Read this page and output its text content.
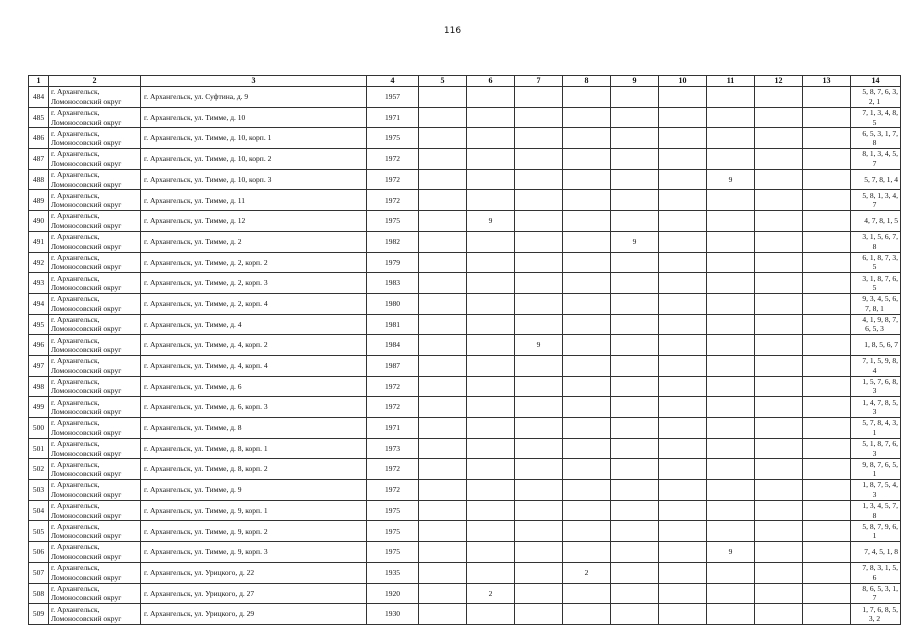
116
1	2	3	4	5	6	7	8	9	10	11	12	13	14
484	г. Архангельск,
Ломоносовский округ	г. Архангельск, ул. Суфтина, д. 9	1957										5, 8, 7, 6, 3,
2, 1

485	г. Архангельск,
Ломоносовский округ	г. Архангельск, ул. Тимме, д. 10	1971										7, 1, 3, 4, 8,
5

486	г. Архангельск,
Ломоносовский округ	г. Архангельск, ул. Тимме, д. 10, корп. 1	1975										6, 5, 3, 1, 7,
8

487	г. Архангельск,
Ломоносовский округ	г. Архангельск, ул. Тимме, д. 10, корп. 2	1972										8, 1, 3, 4, 5,
7

488	г. Архангельск,
Ломоносовский округ	г. Архангельск, ул. Тимме, д. 10, корп. 3	1972							9			5, 7, 8, 1, 4

489	г. Архангельск,
Ломоносовский округ	г. Архангельск, ул. Тимме, д. 11	1972										5, 8, 1, 3, 4,
7

490	г. Архангельск,
Ломоносовский округ	г. Архангельск, ул. Тимме, д. 12	1975		9								4, 7, 8, 1, 5

491	г. Архангельск,
Ломоносовский округ	г. Архангельск, ул. Тимме, д. 2	1982					9					3, 1, 5, 6, 7,
8

492	г. Архангельск,
Ломоносовский округ	г. Архангельск, ул. Тимме, д. 2, корп. 2	1979										6, 1, 8, 7, 3,
5

493	г. Архангельск,
Ломоносовский округ	г. Архангельск, ул. Тимме, д. 2, корп. 3	1983										3, 1, 8, 7, 6,
5

494	г. Архангельск,
Ломоносовский округ	г. Архангельск, ул. Тимме, д. 2, корп. 4	1980										9, 3, 4, 5, 6,
7, 8, 1

495	г. Архангельск,
Ломоносовский округ	г. Архангельск, ул. Тимме, д. 4	1981										4, 1, 9, 8, 7,
6, 5, 3

496	г. Архангельск,
Ломоносовский округ	г. Архангельск, ул. Тимме, д. 4, корп. 2	1984			9							1, 8, 5, 6, 7

497	г. Архангельск,
Ломоносовский округ	г. Архангельск, ул. Тимме, д. 4, корп. 4	1987										7, 1, 5, 9, 8,
4

498	г. Архангельск,
Ломоносовский округ	г. Архангельск, ул. Тимме, д. 6	1972										1, 5, 7, 6, 8,
3

499	г. Архангельск,
Ломоносовский округ	г. Архангельск, ул. Тимме, д. 6, корп. 3	1972										1, 4, 7, 8, 5,
3

500	г. Архангельск,
Ломоносовский округ	г. Архангельск, ул. Тимме, д. 8	1971										5, 7, 8, 4, 3,
1

501	г. Архангельск,
Ломоносовский округ	г. Архангельск, ул. Тимме, д. 8, корп. 1	1973										5, 1, 8, 7, 6,
3

502	г. Архангельск,
Ломоносовский округ	г. Архангельск, ул. Тимме, д. 8, корп. 2	1972										9, 8, 7, 6, 5,
1

503	г. Архангельск,
Ломоносовский округ	г. Архангельск, ул. Тимме, д. 9	1972										1, 8, 7, 5, 4,
3

504	г. Архангельск,
Ломоносовский округ	г. Архангельск, ул. Тимме, д. 9, корп. 1	1975										1, 3, 4, 5, 7,
8

505	г. Архангельск,
Ломоносовский округ	г. Архангельск, ул. Тимме, д. 9, корп. 2	1975										5, 8, 7, 9, 6,
1

506	г. Архангельск,
Ломоносовский округ	г. Архангельск, ул. Тимме, д. 9, корп. 3	1975							9			7, 4, 5, 1, 8

507	г. Архангельск,
Ломоносовский округ	г. Архангельск, ул. Урицкого, д. 22	1935				2						7, 8, 3, 1, 5,
6

508	г. Архангельск,
Ломоносовский округ	г. Архангельск, ул. Урицкого, д. 27	1920		2								8, 6, 5, 3, 1,
7

509	г. Архангельск,
Ломоносовский округ	г. Архангельск, ул. Урицкого, д. 29	1930										1, 7, 6, 8, 5,
3, 2
